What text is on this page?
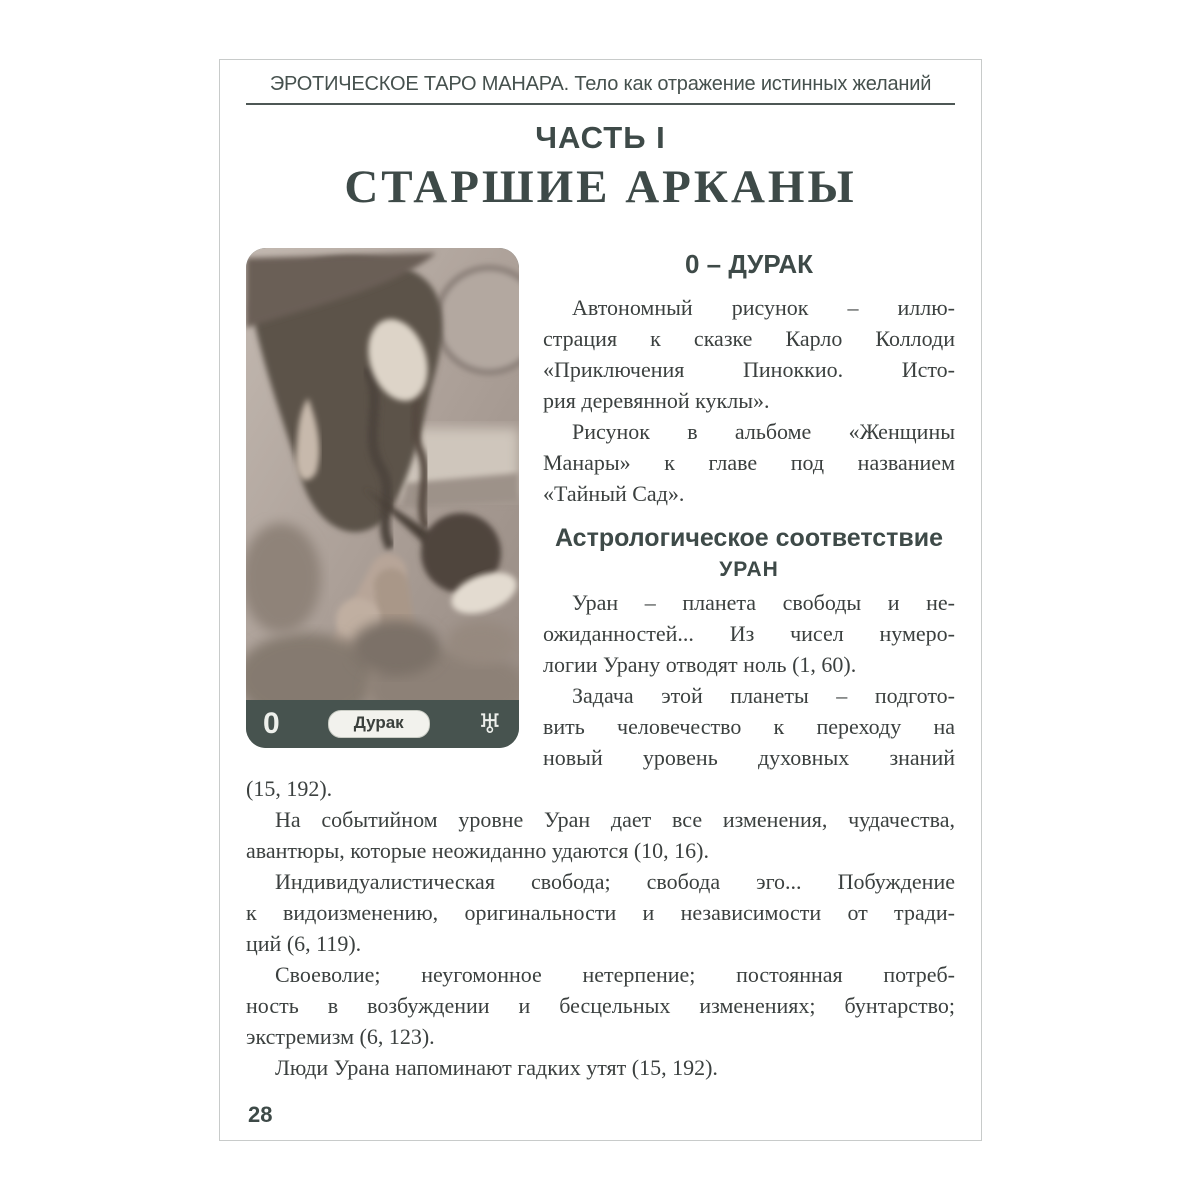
ЭРОТИЧЕСКОЕ ТАРО МАНАРА. Тело как отражение истинных желаний
ЧАСТЬ I
СТАРШИЕ АРКАНЫ
0	Дурак	♅
0 – ДУРАК
Автономный рисунок – иллю-
страция к сказке Карло Коллоди
«Приключения Пиноккио. Исто-
рия деревянной куклы».
Рисунок в альбоме «Женщины
Манары» к главе под названием
«Тайный Сад».
Астрологическое соответствие
УРАН
Уран – планета свободы и не-
ожиданностей... Из чисел нумеро-
логии Урану отводят ноль (1, 60).
Задача этой планеты – подгото-
вить человечество к переходу на
новый уровень духовных знаний
(15, 192).
На событийном уровне Уран дает все изменения, чудачества,
авантюры, которые неожиданно удаются (10, 16).
Индивидуалистическая свобода; свобода эго... Побуждение
к видоизменению, оригинальности и независимости от тради-
ций (6, 119).
Своеволие; неугомонное нетерпение; постоянная потреб-
ность в возбуждении и бесцельных изменениях; бунтарство;
экстремизм (6, 123).
Люди Урана напоминают гадких утят (15, 192).
28
